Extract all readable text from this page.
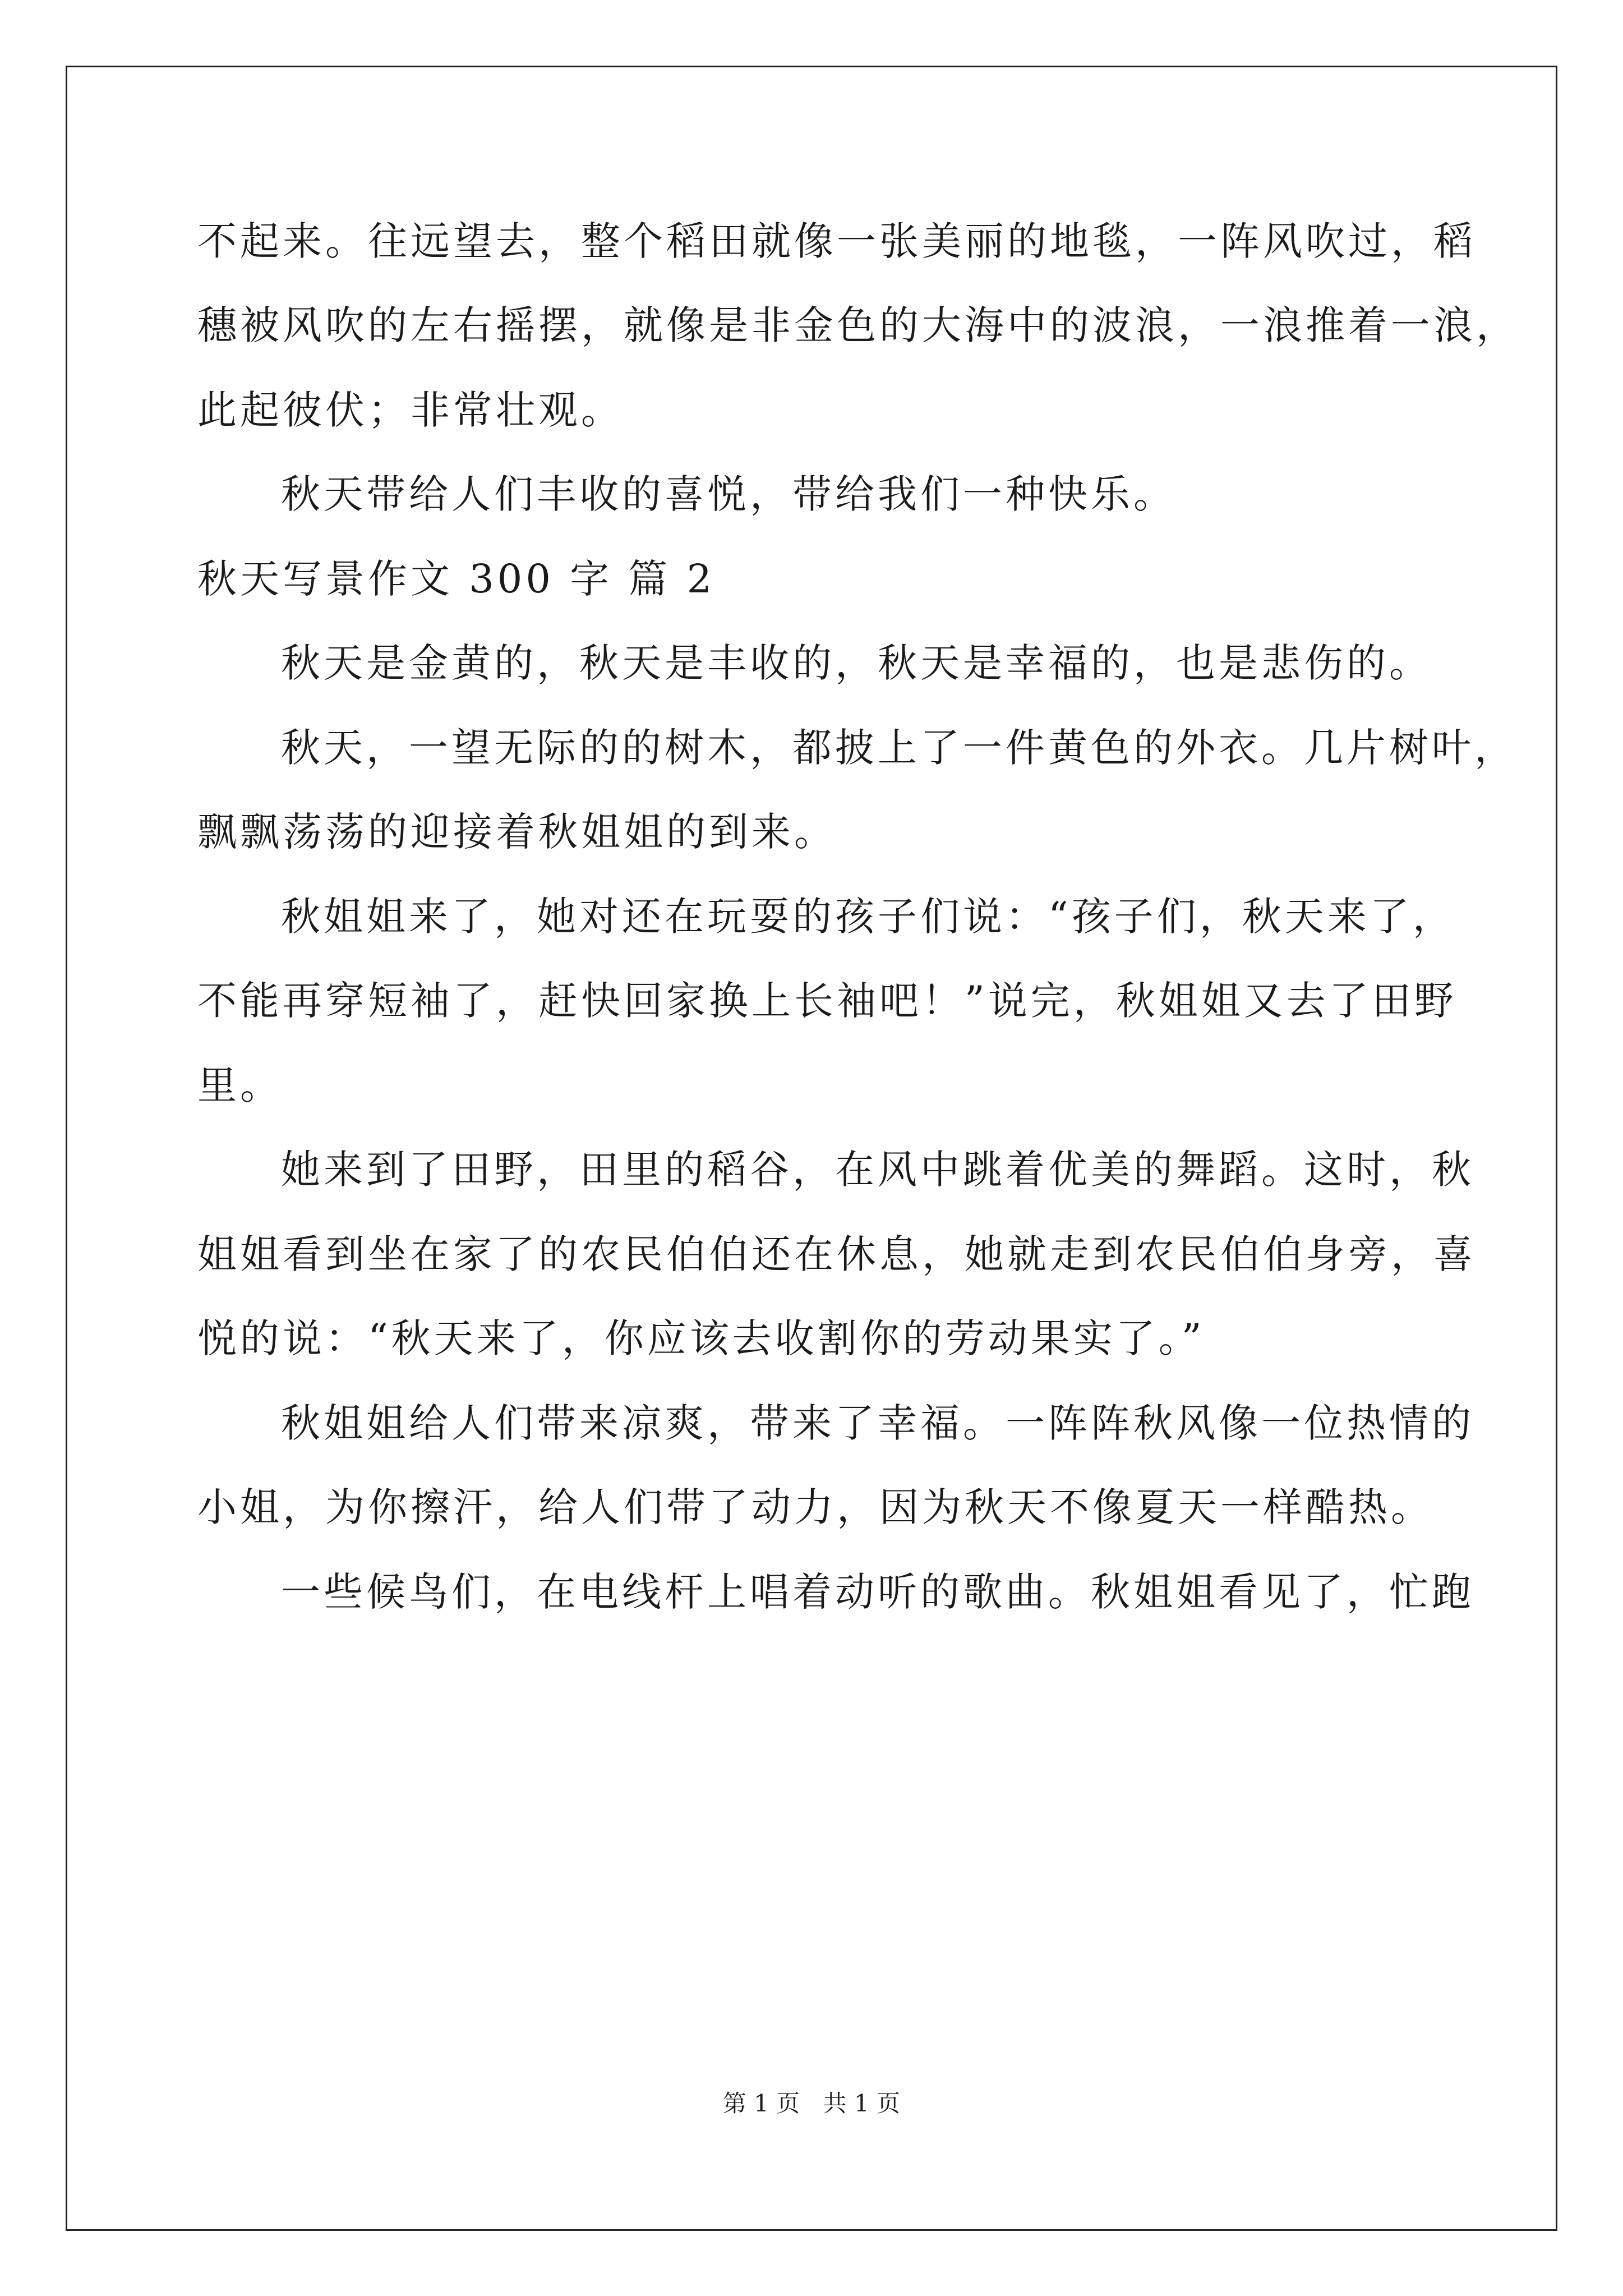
不起来。往远望去，整个稻田就像一张美丽的地毯，一阵风吹过，稻
穗被风吹的左右摇摆，就像是非金色的大海中的波浪，一浪推着一浪，
此起彼伏；非常壮观。
秋天带给人们丰收的喜悦，带给我们一种快乐。
秋天写景作文 300 字 篇 2
秋天是金黄的，秋天是丰收的，秋天是幸福的，也是悲伤的。
秋天，一望无际的的树木，都披上了一件黄色的外衣。几片树叶，
飘飘荡荡的迎接着秋姐姐的到来。
秋姐姐来了，她对还在玩耍的孩子们说：“孩子们，秋天来了，
不能再穿短袖了，赶快回家换上长袖吧！”说完，秋姐姐又去了田野
里。
她来到了田野，田里的稻谷，在风中跳着优美的舞蹈。这时，秋
姐姐看到坐在家了的农民伯伯还在休息，她就走到农民伯伯身旁，喜
悦的说：“秋天来了，你应该去收割你的劳动果实了。”
秋姐姐给人们带来凉爽，带来了幸福。一阵阵秋风像一位热情的
小姐，为你擦汗，给人们带了动力，因为秋天不像夏天一样酷热。
一些候鸟们，在电线杆上唱着动听的歌曲。秋姐姐看见了，忙跑
第 1 页 共 1 页
